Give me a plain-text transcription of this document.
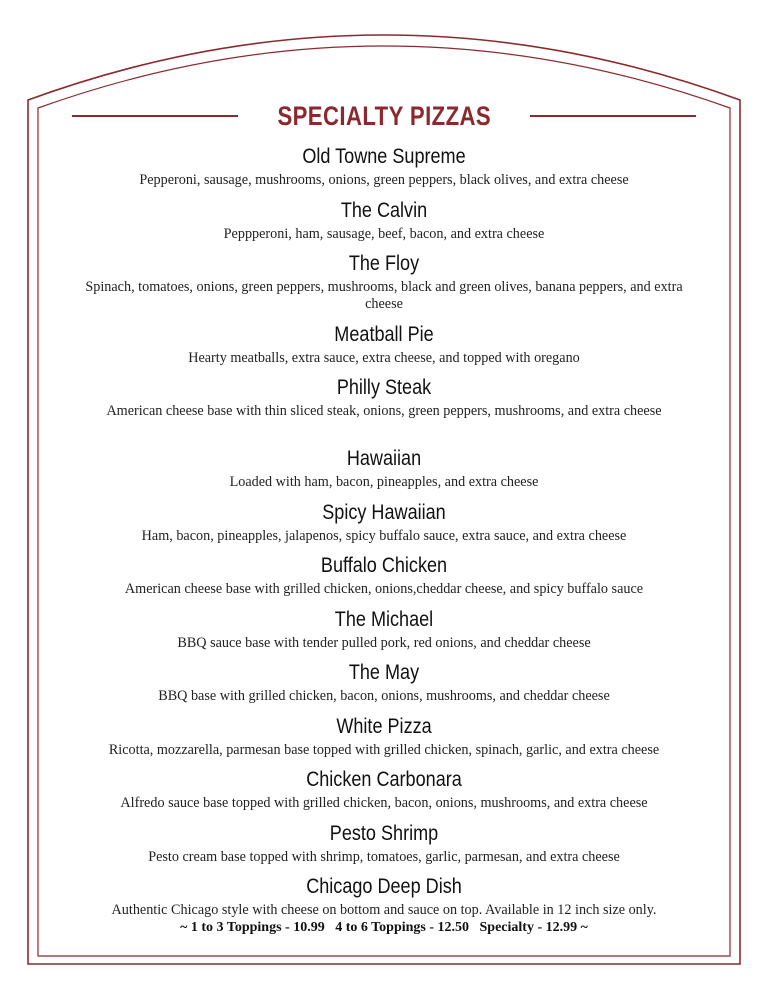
SPECIALTY PIZZAS
Old Towne Supreme
Pepperoni, sausage, mushrooms, onions, green peppers, black olives, and extra cheese
The Calvin
Peppperoni, ham, sausage, beef, bacon, and extra cheese
The Floy
Spinach, tomatoes, onions, green peppers, mushrooms, black and green olives, banana peppers, and extra cheese
Meatball Pie
Hearty meatballs, extra sauce, extra cheese, and topped with oregano
Philly Steak
American cheese base with thin sliced steak, onions, green peppers, mushrooms, and extra cheese
Hawaiian
Loaded with ham, bacon, pineapples, and extra cheese
Spicy Hawaiian
Ham, bacon, pineapples, jalapenos, spicy buffalo sauce, extra sauce, and extra cheese
Buffalo Chicken
American cheese base with grilled chicken, onions,cheddar cheese, and spicy buffalo sauce
The Michael
BBQ sauce base with tender pulled pork, red onions, and cheddar cheese
The May
BBQ base with grilled chicken, bacon, onions, mushrooms, and cheddar cheese
White Pizza
Ricotta, mozzarella, parmesan base topped with grilled chicken, spinach, garlic, and extra cheese
Chicken Carbonara
Alfredo sauce base topped with grilled chicken, bacon, onions, mushrooms, and extra cheese
Pesto Shrimp
Pesto cream base topped with shrimp, tomatoes, garlic, parmesan, and extra cheese
Chicago Deep Dish
Authentic Chicago style with cheese on bottom and sauce on top. Available in 12 inch size only.
~ 1 to 3 Toppings - 10.99   4 to 6 Toppings - 12.50   Specialty - 12.99 ~
